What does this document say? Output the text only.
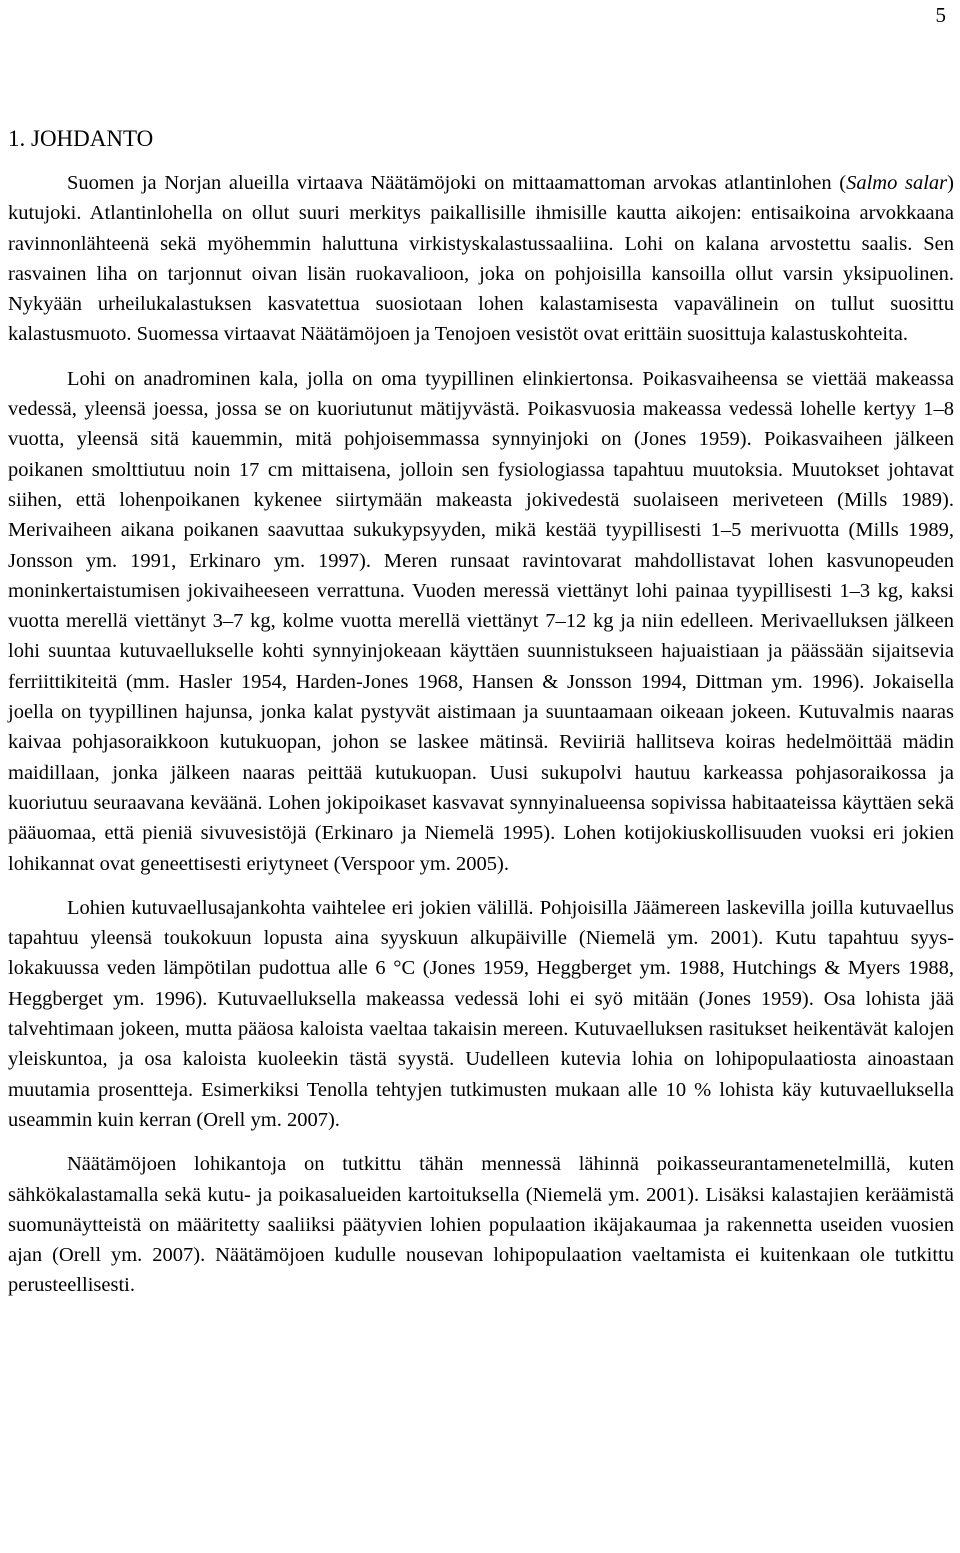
5
1. JOHDANTO

Suomen ja Norjan alueilla virtaava Näätämöjoki on mittaamattoman arvokas atlantinlohen (Salmo salar) kutujoki. Atlantinlohella on ollut suuri merkitys paikallisille ihmisille kautta aikojen: entisaikoina arvokkaana ravinnonlähteenä sekä myöhemmin haluttuna virkistyskalastussaaliina. Lohi on kalana arvostettu saalis. Sen rasvainen liha on tarjonnut oivan lisän ruokavalioon, joka on pohjoisilla kansoilla ollut varsin yksipuolinen. Nykyään urheilukalastuksen kasvatettua suosiotaan lohen kalastamisesta vapavälinein on tullut suosittu kalastusmuoto. Suomessa virtaavat Näätämöjoen ja Tenojoen vesistöt ovat erittäin suosittuja kalastuskohteita.

Lohi on anadrominen kala, jolla on oma tyypillinen elinkiertonsa. Poikasvaiheensa se viettää makeassa vedessä, yleensä joessa, jossa se on kuoriutunut mätijyvästä. Poikasvuosia makeassa vedessä lohelle kertyy 1–8 vuotta, yleensä sitä kauemmin, mitä pohjoisemmassa synnyinjoki on (Jones 1959). Poikasvaiheen jälkeen poikanen smolttiutuu noin 17 cm mittaisena, jolloin sen fysiologiassa tapahtuu muutoksia. Muutokset johtavat siihen, että lohenpoikanen kykenee siirtymään makeasta jokivedestä suolaiseen meriveteen (Mills 1989). Merivaiheen aikana poikanen saavuttaa sukukypsyyden, mikä kestää tyypillisesti 1–5 merivuotta (Mills 1989, Jonsson ym. 1991, Erkinaro ym. 1997). Meren runsaat ravintovarat mahdollistavat lohen kasvunopeuden moninkertaistumisen jokivaiheeseen verrattuna. Vuoden meressä viettänyt lohi painaa tyypillisesti 1–3 kg, kaksi vuotta merellä viettänyt 3–7 kg, kolme vuotta merellä viettänyt 7–12 kg ja niin edelleen. Merivaelluksen jälkeen lohi suuntaa kutuvaellukselle kohti synnyinjokeaan käyttäen suunnistukseen hajuaistiaan ja päässään sijaitsevia ferriittikiteitä (mm. Hasler 1954, Harden-Jones 1968, Hansen & Jonsson 1994, Dittman ym. 1996). Jokaisella joella on tyypillinen hajunsa, jonka kalat pystyvät aistimaan ja suuntaamaan oikeaan jokeen. Kutuvalmis naaras kaivaa pohjasoraikkoon kutukuopan, johon se laskee mätinsä. Reviiriä hallitseva koiras hedelmöittää mädin maidillaan, jonka jälkeen naaras peittää kutukuopan. Uusi sukupolvi hautuu karkeassa pohjasoraikossa ja kuoriutuu seuraavana keväänä. Lohen jokipoikaset kasvavat synnyinalueensa sopivissa habitaateissa käyttäen sekä pääuomaa, että pieniä sivuvesistöjä (Erkinaro ja Niemelä 1995). Lohen kotijokiuskollisuuden vuoksi eri jokien lohikannat ovat geneettisesti eriytyneet (Verspoor ym. 2005).

Lohien kutuvaellusajankohta vaihtelee eri jokien välillä. Pohjoisilla Jäämereen laskevilla joilla kutuvaellus tapahtuu yleensä toukokuun lopusta aina syyskuun alkupäiville (Niemelä ym. 2001). Kutu tapahtuu syys-lokakuussa veden lämpötilan pudottua alle 6 °C (Jones 1959, Heggberget ym. 1988, Hutchings & Myers 1988, Heggberget ym. 1996). Kutuvaelluksella makeassa vedessä lohi ei syö mitään (Jones 1959). Osa lohista jää talvehtimaan jokeen, mutta pääosa kaloista vaeltaa takaisin mereen. Kutuvaelluksen rasitukset heikentävät kalojen yleiskuntoa, ja osa kaloista kuoleekin tästä syystä. Uudelleen kutevia lohia on lohipopulaatiosta ainoastaan muutamia prosentteja. Esimerkiksi Tenolla tehtyjen tutkimusten mukaan alle 10 % lohista käy kutuvaelluksella useammin kuin kerran (Orell ym. 2007).

Näätämöjoen lohikantoja on tutkittu tähän mennessä lähinnä poikasseurantamenetelmillä, kuten sähkökalastamalla sekä kutu- ja poikasalueiden kartoituksella (Niemelä ym. 2001). Lisäksi kalastajien keräämistä suomunäytteistä on määritetty saaliiksi päätyvien lohien populaation ikäjakaumaa ja rakennetta useiden vuosien ajan (Orell ym. 2007). Näätämöjoen kudulle nousevan lohipopulaation vaeltamista ei kuitenkaan ole tutkittu perusteellisesti.
